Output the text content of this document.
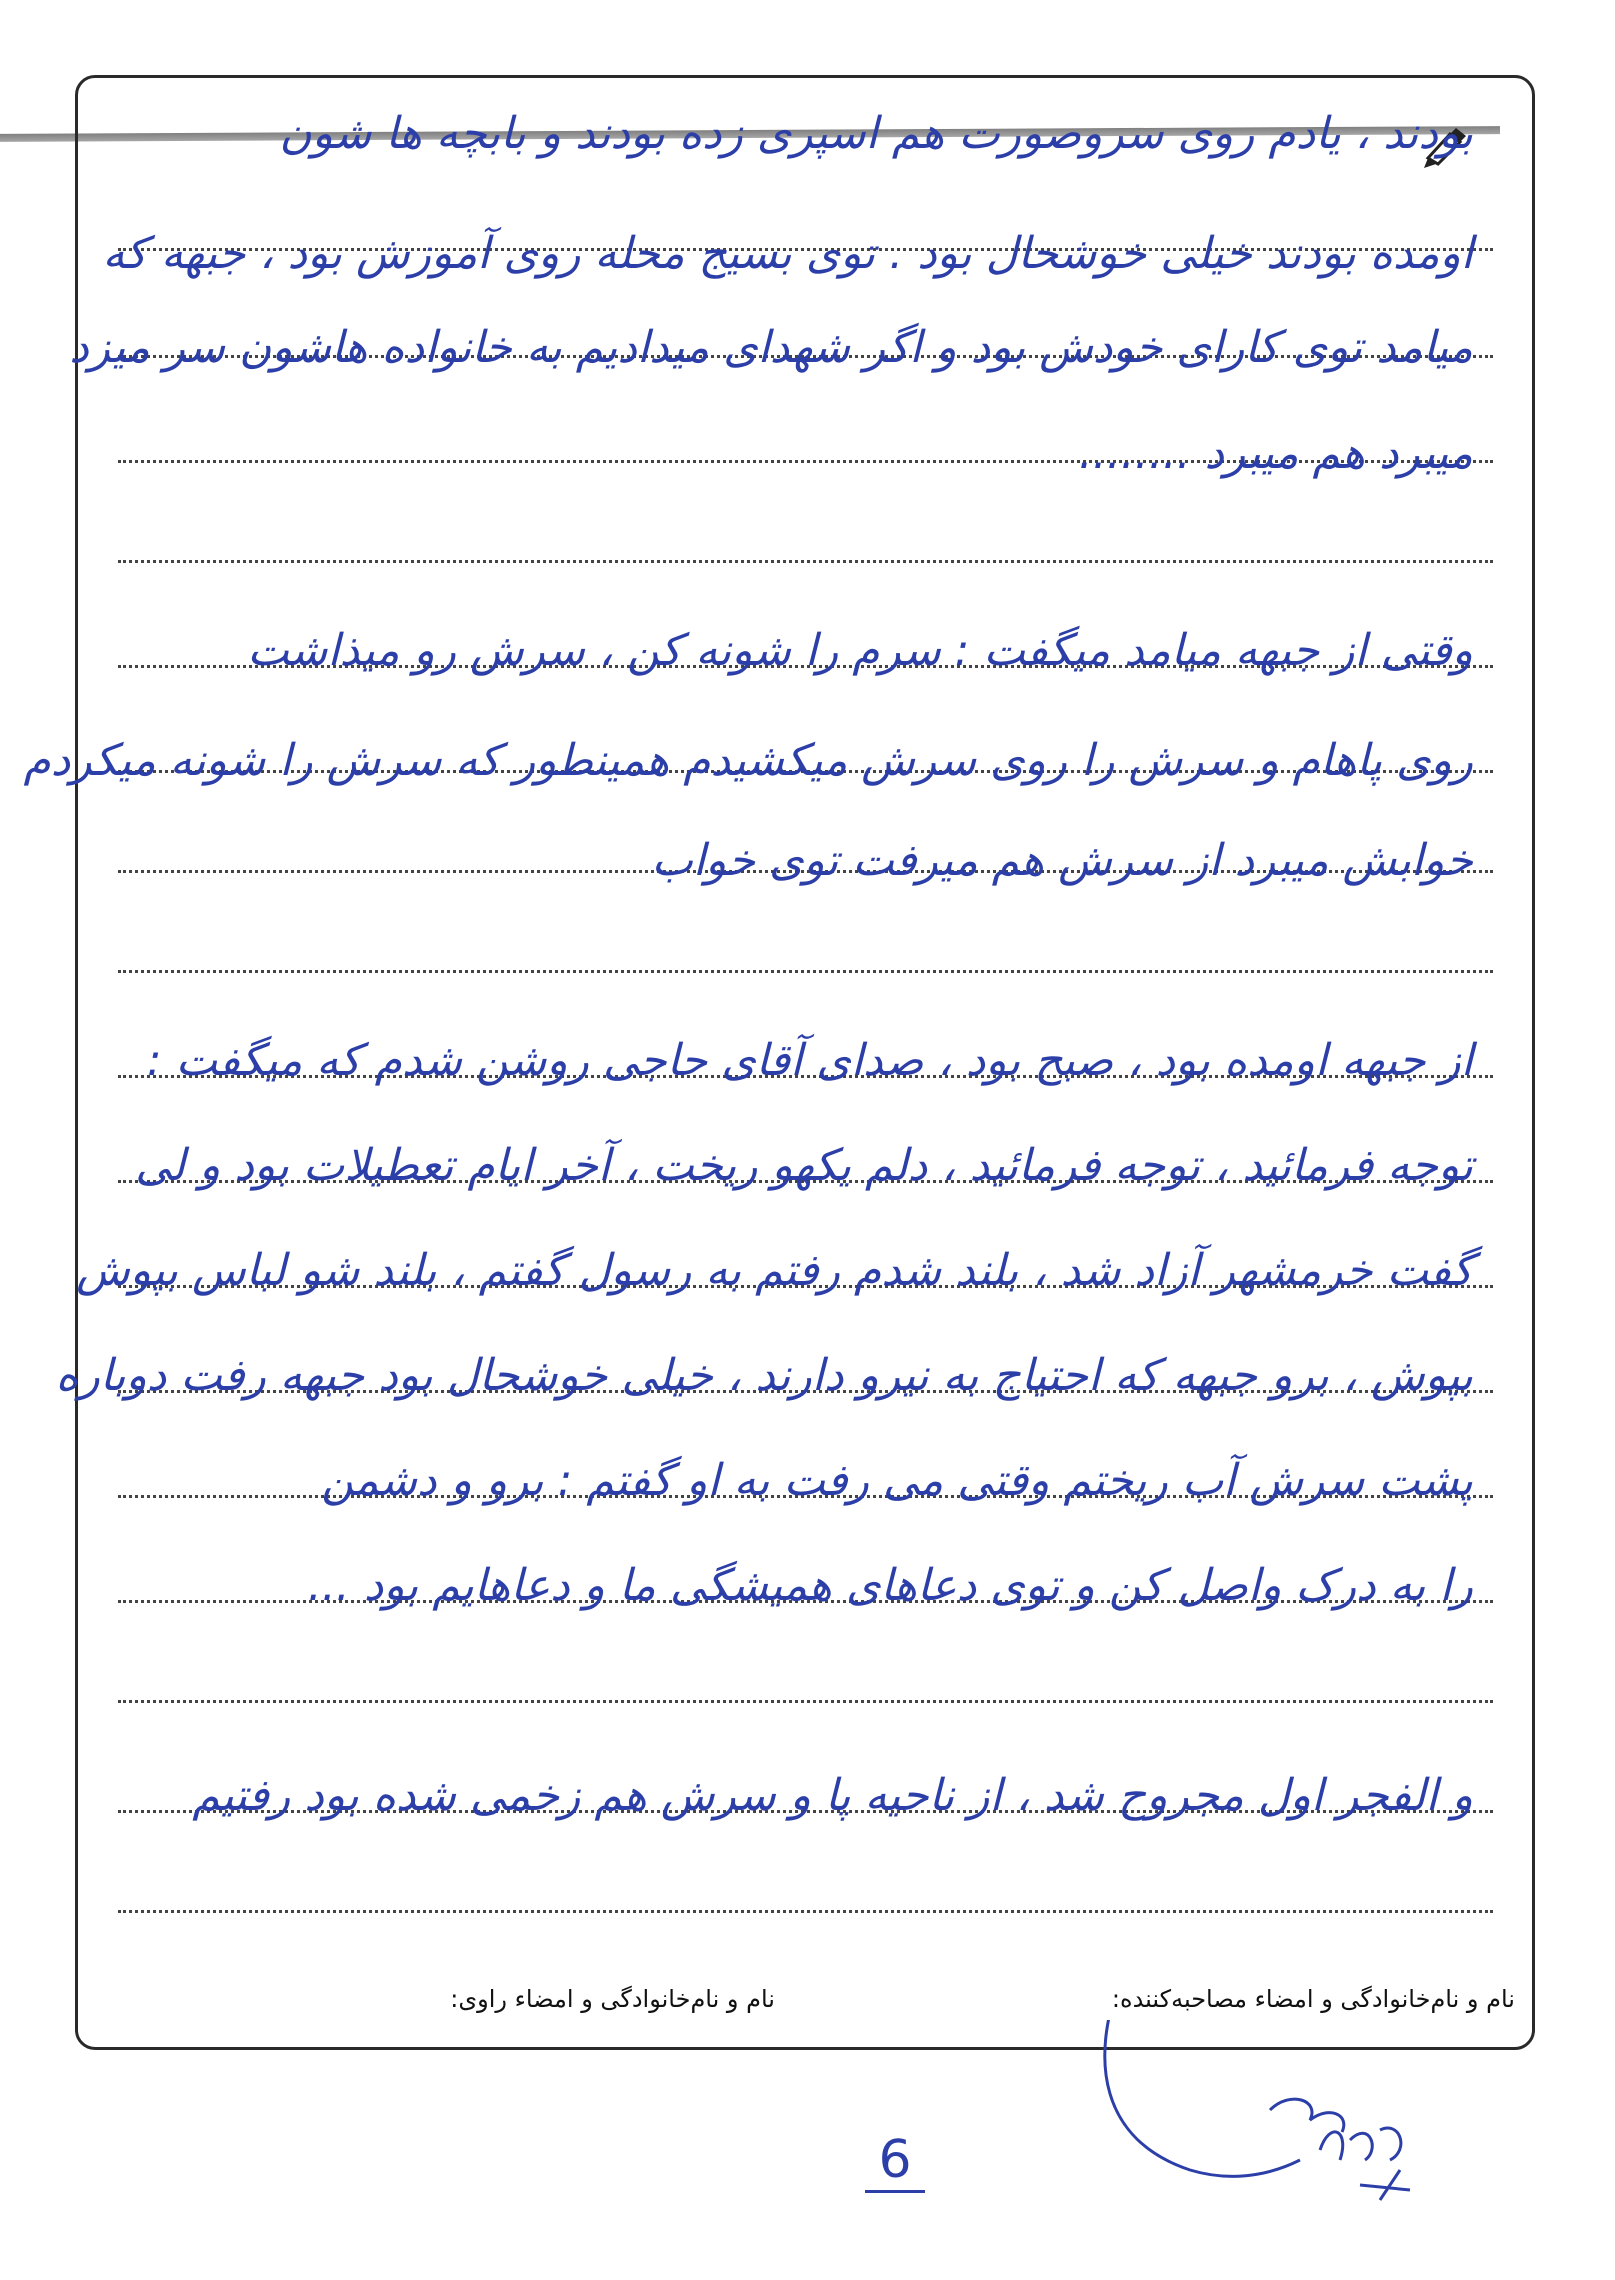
بودند ، یادم روی سروصورت هم اسپری زده بودند و بابچه ها شون
اومده بودند خیلی خوشحال بود . توی بسیج محله روی آموزش بود ، جبهه که
میامد توی کارای خودش بود و اگر شهدای میدادیم به خانواده هاشون سر میزد
میبرد هم میبرد ........
وقتی از جبهه میامد میگفت : سرم را شونه کن ، سرش رو میذاشت
روی پاهام و سرش را روی سرش میکشیدم همینطور که سرش را شونه میکردم
خوابش میبرد از سرش هم میرفت توی خواب
از جبهه اومده بود ، صبح بود ، صدای آقای حاجی روشن شدم که میگفت :
توجه فرمائید ، توجه فرمائید ، دلم یکهو ریخت ، آخر ایام تعطیلات بود و لی
گفت خرمشهر آزاد شد ، بلند شدم رفتم به رسول گفتم ، بلند شو لباس بپوش
بپوش ، برو جبهه که احتیاج به نیرو دارند ، خیلی خوشحال بود جبهه رفت دوباره
پشت سرش آب ریختم وقتی می رفت به او گفتم : برو و دشمن
را به درک واصل کن و توی دعاهای همیشگی ما و دعاهایم بود ...
و الفجر اول مجروح شد ، از ناحیه پا و سرش هم زخمی شده بود رفتیم
نام و نام‌خانوادگی و امضاء مصاحبه‌کننده:
نام و نام‌خانوادگی و امضاء راوی:
6
